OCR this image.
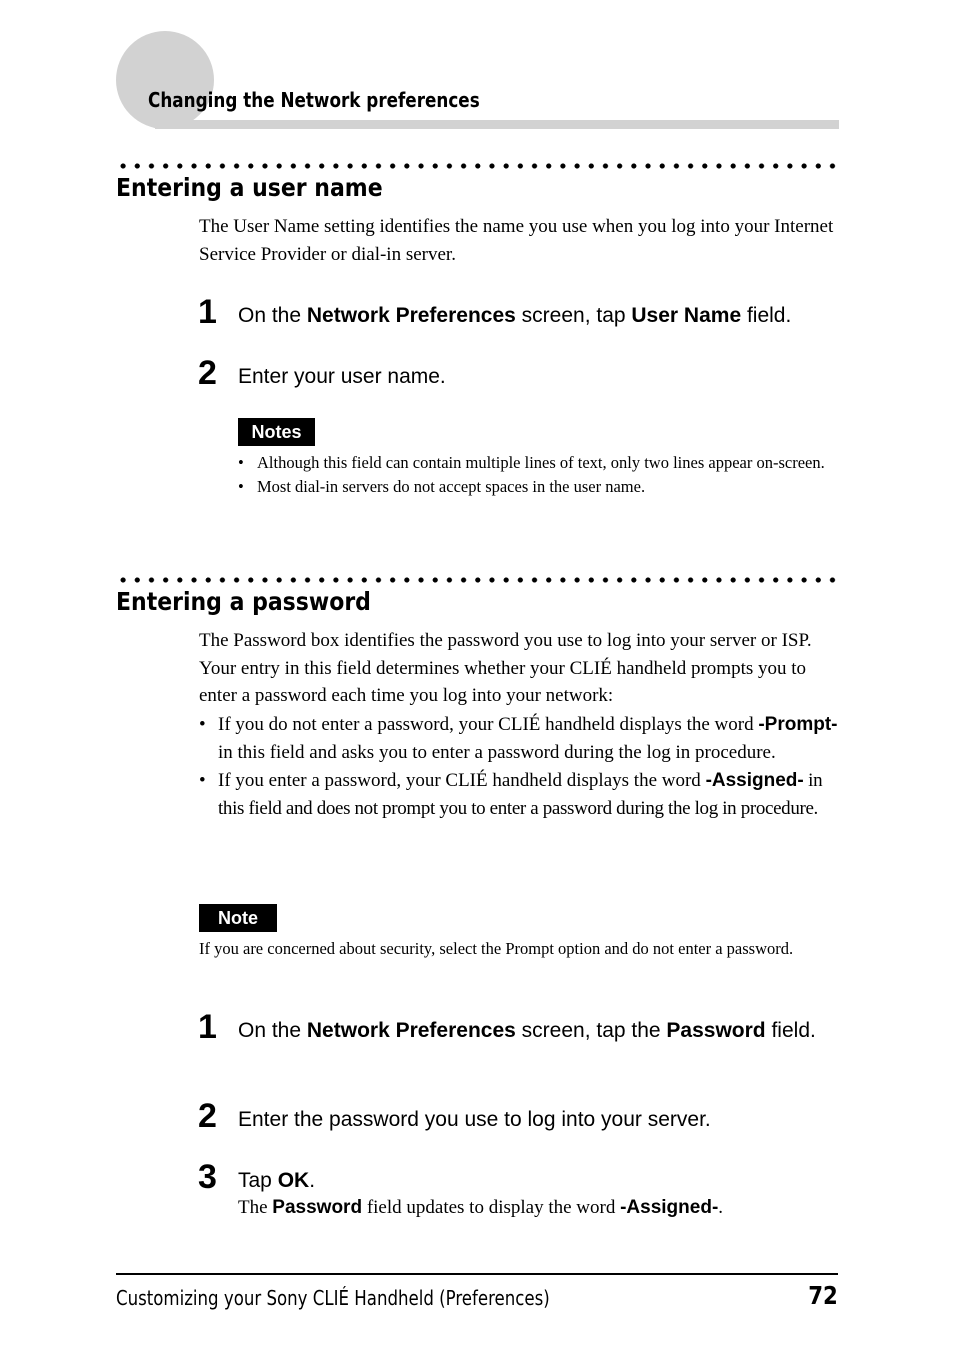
Changing the Network preferences
Entering a user name
The User Name setting identifies the name you use when you log into your Internet Service Provider or dial-in server.
1 On the Network Preferences screen, tap User Name field.
2 Enter your user name.
Notes
• Although this field can contain multiple lines of text, only two lines appear on-screen.
• Most dial-in servers do not accept spaces in the user name.
Entering a password
The Password box identifies the password you use to log into your server or ISP. Your entry in this field determines whether your CLIÉ handheld prompts you to enter a password each time you log into your network:
• If you do not enter a password, your CLIÉ handheld displays the word -Prompt- in this field and asks you to enter a password during the log in procedure.
• If you enter a password, your CLIÉ handheld displays the word -Assigned- in this field and does not prompt you to enter a password during the log in procedure.
Note
If you are concerned about security, select the Prompt option and do not enter a password.
1 On the Network Preferences screen, tap the Password field.
2 Enter the password you use to log into your server.
3 Tap OK.
The Password field updates to display the word -Assigned-.
Customizing your Sony CLIÉ Handheld (Preferences)	72
